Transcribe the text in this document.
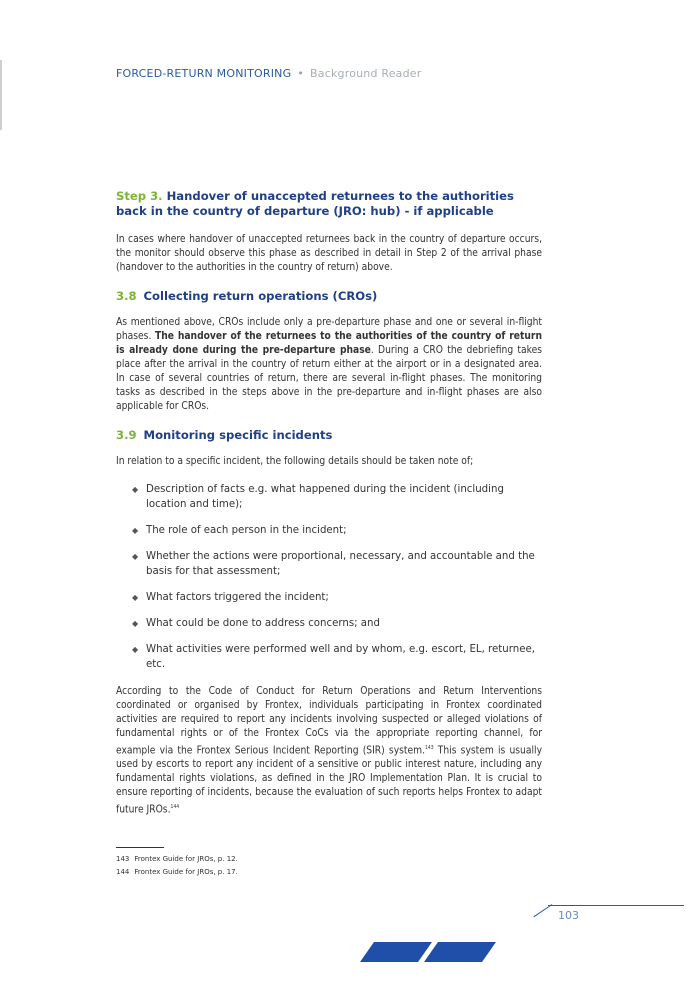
FORCED-RETURN MONITORING • Background Reader
Step 3. Handover of unaccepted returnees to the authorities back in the country of departure (JRO: hub) - if applicable

In cases where handover of unaccepted returnees back in the country of departure occurs, the monitor should observe this phase as described in detail in Step 2 of the arrival phase (handover to the authorities in the country of return) above.

3.8 Collecting return operations (CROs)

As mentioned above, CROs include only a pre-departure phase and one or several in-flight phases. The handover of the returnees to the authorities of the country of return is already done during the pre-departure phase. During a CRO the debriefing takes place after the arrival in the country of return either at the airport or in a designated area. In case of several countries of return, there are several in-flight phases. The monitoring tasks as described in the steps above in the pre-departure and in-flight phases are also applicable for CROs.

3.9 Monitoring specific incidents

In relation to a specific incident, the following details should be taken note of;

◆ Description of facts e.g. what happened during the incident (including location and time);
◆ The role of each person in the incident;
◆ Whether the actions were proportional, necessary, and accountable and the basis for that assessment;
◆ What factors triggered the incident;
◆ What could be done to address concerns; and
◆ What activities were performed well and by whom, e.g. escort, EL, returnee, etc.

According to the Code of Conduct for Return Operations and Return Interventions coordinated or organised by Frontex, individuals participating in Frontex coordinated activities are required to report any incidents involving suspected or alleged violations of fundamental rights or of the Frontex CoCs via the appropriate reporting channel, for example via the Frontex Serious Incident Reporting (SIR) system.$^{143}$ This system is usually used by escorts to report any incident of a sensitive or public interest nature, including any fundamental rights violations, as defined in the JRO Implementation Plan. It is crucial to ensure reporting of incidents, because the evaluation of such reports helps Frontex to adapt future JROs.$^{144}$

143 Frontex Guide for JROs, p. 12.
144 Frontex Guide for JROs, p. 17.
103
